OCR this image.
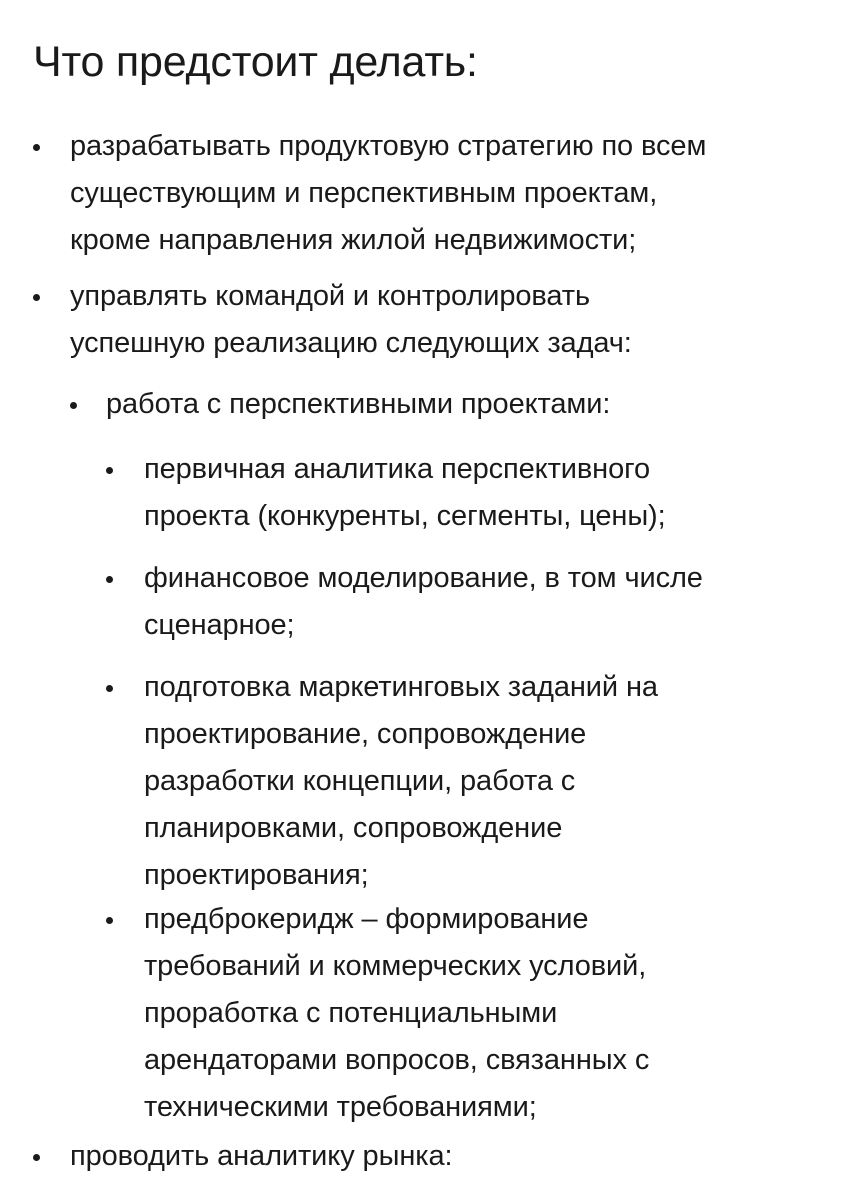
Что предстоит делать:
разрабатывать продуктовую стратегию по всем
существующим и перспективным проектам,
кроме направления жилой недвижимости;
управлять командой и контролировать
успешную реализацию следующих задач:
работа с перспективными проектами:
первичная аналитика перспективного
проекта (конкуренты, сегменты, цены);
финансовое моделирование, в том числе
сценарное;
подготовка маркетинговых заданий на
проектирование, сопровождение
разработки концепции, работа с
планировками, сопровождение
проектирования;
предброкеридж – формирование
требований и коммерческих условий,
проработка с потенциальными
арендаторами вопросов, связанных с
техническими требованиями;
проводить аналитику рынка:
